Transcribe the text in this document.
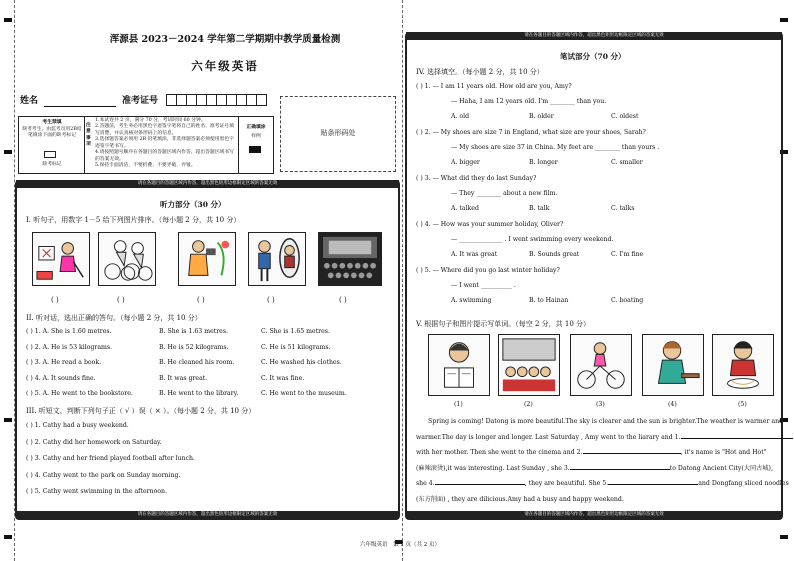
浑源县 2023－2024 学年第二学期期中教学质量检测
六年级英语
姓名	准考证号
考生禁填
缺考考生，由监考员用2B铅笔填涂下面的缺考标记
缺考标记
注意事项
1.本试卷共 2 页，满分 70 分，考试时间 60 分钟。
2.答题前，考生务必用黑色字迹签字笔将自己的姓名、准考证号填写清楚，并认真核对条形码上的信息。
3.选择题答案必须用 2B 铅笔填涂，非选择题答案必须使用黑色字迹签字笔书写。
4.请按照题号顺序在各题目的答题区域内作答，超出答题区域书写的答案无效。
5.保持卡面清洁，不要折叠、不要弄破、弄皱。
正确填涂
样例	贴条形码处
请在各题目的答题区域内作答，超出黑色矩形边框限定区域的答案无效
请在各题目的答题区域内作答，超出黑色矩形边框限定区域的答案无效
听力部分（30 分）
I. 听句子，用数字 1－5 给下列图片排序。（每小题 2 分，共 10 分）
( )	( )	( )	( )	( )
II. 听对话，选出正确的答句。（每小题 2 分，共 10 分）
( ) 1. A. She is 1.60 metres.	B. She is 1.63 metres.	C. She is 1.65 metres.
( ) 2. A. He is 53 kilograms.	B. He is 52 kilograms.	C. He is 51 kilograms.
( ) 3. A. He read a book.	B. He cleaned his room.	C. He washed his clothes.
( ) 4. A. It sounds fine.	B. It was great.	C. It was fine.
( ) 5. A. He went to the bookstore.	B. He went to the library.	C. He went to the museum.
III. 听短文，判断下列句子正（ √ ）误（ × ）。（每小题 2 分，共 10 分）
( ) 1. Cathy had a busy weekend.
( ) 2. Cathy did her homework on Saturday.
( ) 3. Cathy and her friend played football after lunch.
( ) 4. Cathy went to the park on Sunday morning.
( ) 5. Cathy went swimming in the afternoon.
请在各题目的答题区域内作答，超出黑色矩形边框限定区域的答案无效
请在各题目的答题区域内作答，超出黑色矩形边框限定区域的答案无效
笔试部分（70 分）
IV. 选择填空。（每小题 2 分，共 10 分）
( ) 1. — I am 11 years old. How old are you, Amy?
— Haha, I am 12 years old. I'm ________ than you.
A. old	B. older	C. oldest
( ) 2. — My shoes are size 7 in England, what size are your shoes, Sarah?
— My shoes are size 37 in China. My feet are ________ than yours .
A. bigger	B. longer	C. smaller
( ) 3. — What did they do last Sunday?
— They ________ about a new film.
A. talked	B. talk	C. talks
( ) 4. — How was your summer holiday, Oliver?
— ______________ . I went swimming every weekend.
A. It was great	B. Sounds great	C. I'm fine
( ) 5. — Where did you go last winter holiday?
— I went __________ .
A. swimming	B. to Hainan	C. boating
V. 根据句子和图片提示写单词。（每空 2 分，共 10 分）
(1)	(2)	(3)	(4)	(5)
Spring is coming! Datong is more beautiful.The sky is clearer and the sun is brighter.The weather is warmer and
warmer.The day is longer and longer. Last Saturday , Amy went to the liarary and 1.
with her mother. Then she went to the cinema and 2.	, it's name is "Hot and Hot"
(麻辣滚烫),it was interesting. Last Sunday , she 3.	to Datong Ancient City(大同古城),
she 4.	, they are beautiful. She 5.	and Dongfang sliced noodles
(东方削面) , they are dilicious.Amy had a busy and happy weekend.
六年级英语　第 1 页（共 2 页）
